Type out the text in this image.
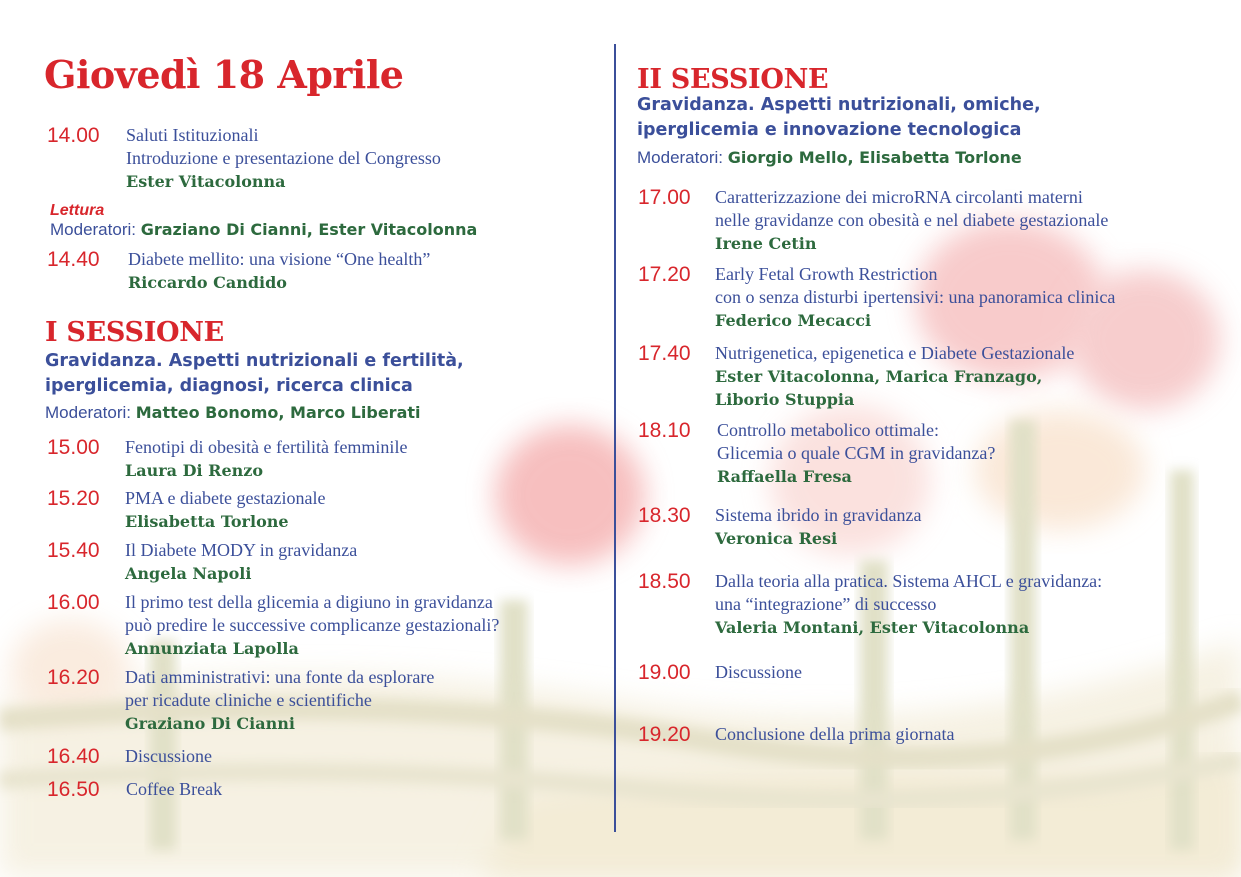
Giovedì 18 Aprile
14.00 Saluti Istituzionali
Introduzione e presentazione del Congresso
Ester Vitacolonna
Lettura
Moderatori: Graziano Di Cianni, Ester Vitacolonna
14.40 Diabete mellito: una visione “One health”
Riccardo Candido
I SESSIONE
Gravidanza. Aspetti nutrizionali e fertilità,
iperglicemia, diagnosi, ricerca clinica
Moderatori: Matteo Bonomo, Marco Liberati
15.00 Fenotipi di obesità e fertilità femminile
Laura Di Renzo
15.20 PMA e diabete gestazionale
Elisabetta Torlone
15.40 Il Diabete MODY in gravidanza
Angela Napoli
16.00 Il primo test della glicemia a digiuno in gravidanza
può predire le successive complicanze gestazionali?
Annunziata Lapolla
16.20 Dati amministrativi: una fonte da esplorare
per ricadute cliniche e scientifiche
Graziano Di Cianni
16.40 Discussione
16.50 Coffee Break
II SESSIONE
Gravidanza. Aspetti nutrizionali, omiche,
iperglicemia e innovazione tecnologica
Moderatori: Giorgio Mello, Elisabetta Torlone
17.00 Caratterizzazione dei microRNA circolanti materni
nelle gravidanze con obesità e nel diabete gestazionale
Irene Cetin
17.20 Early Fetal Growth Restriction
con o senza disturbi ipertensivi: una panoramica clinica
Federico Mecacci
17.40 Nutrigenetica, epigenetica e Diabete Gestazionale
Ester Vitacolonna, Marica Franzago,
Liborio Stuppia
18.10 Controllo metabolico ottimale:
Glicemia o quale CGM in gravidanza?
Raffaella Fresa
18.30 Sistema ibrido in gravidanza
Veronica Resi
18.50 Dalla teoria alla pratica. Sistema AHCL e gravidanza:
una “integrazione” di successo
Valeria Montani, Ester Vitacolonna
19.00 Discussione
19.20 Conclusione della prima giornata
